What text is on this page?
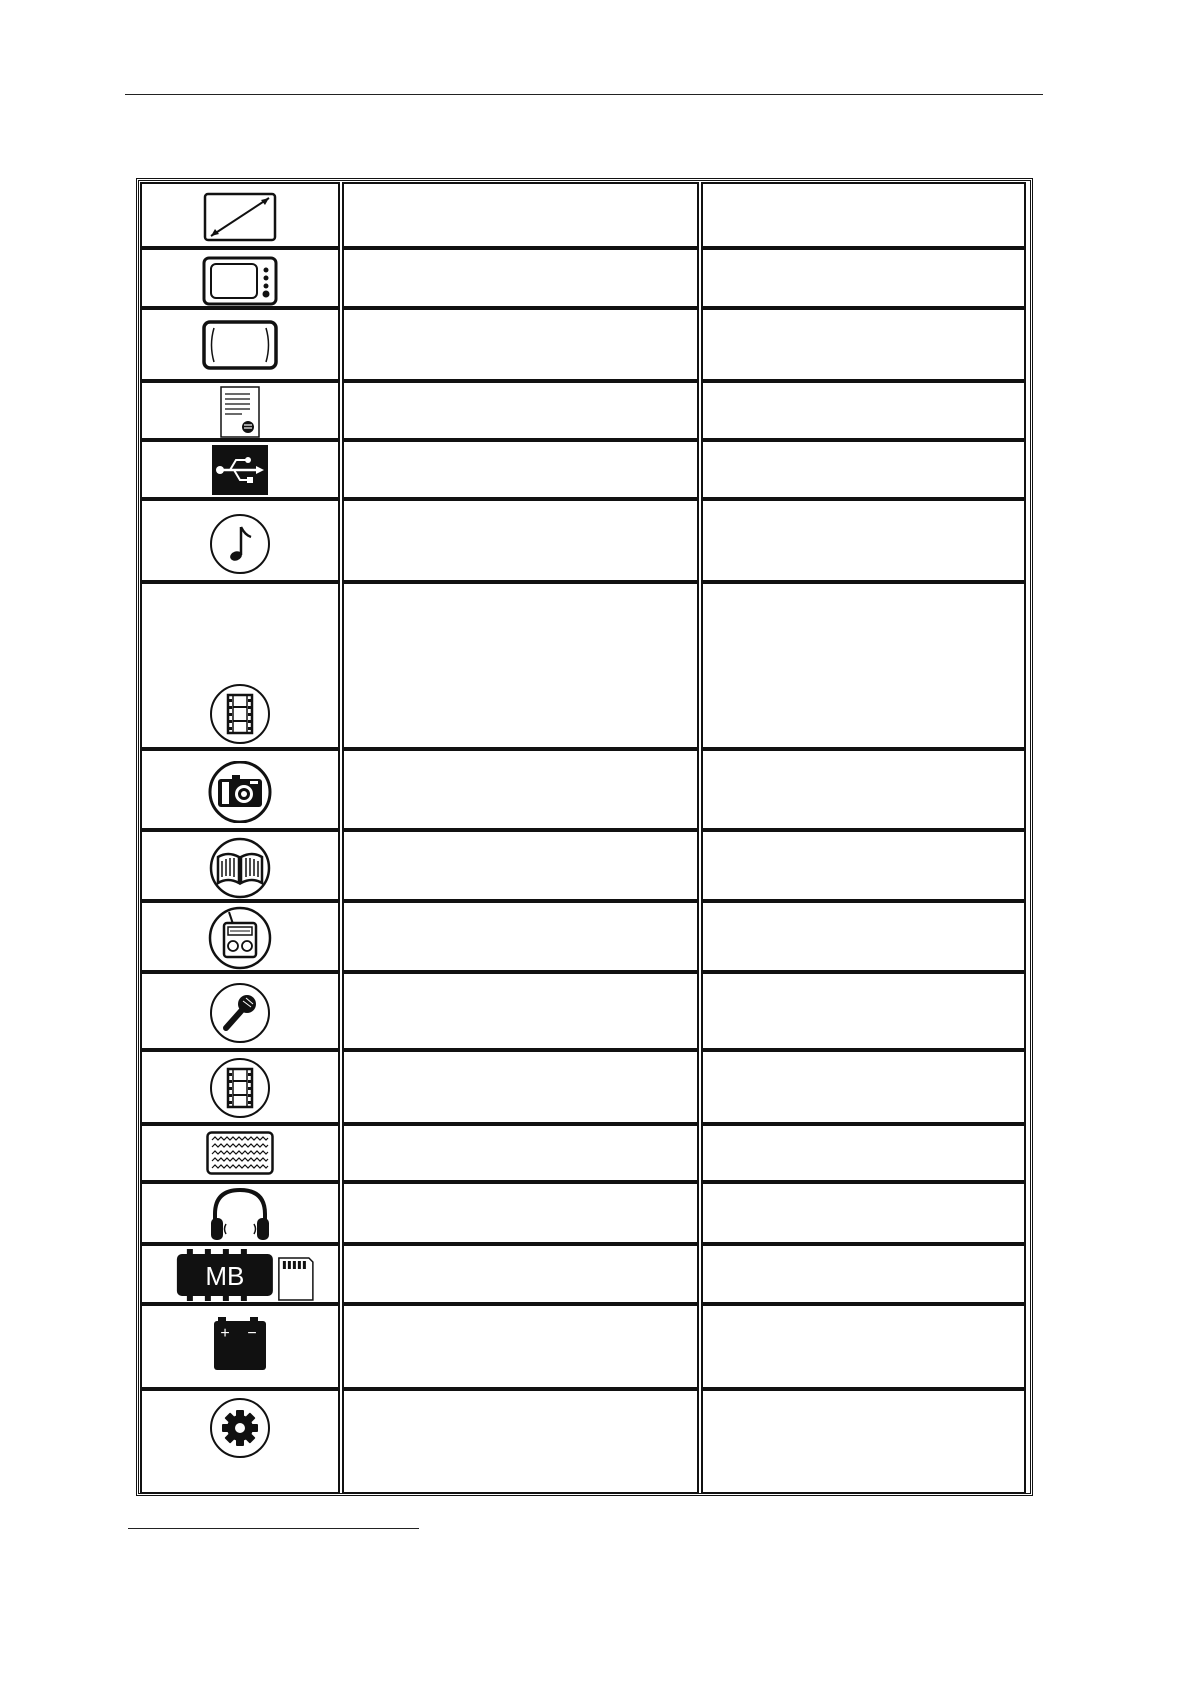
MB
+ −
